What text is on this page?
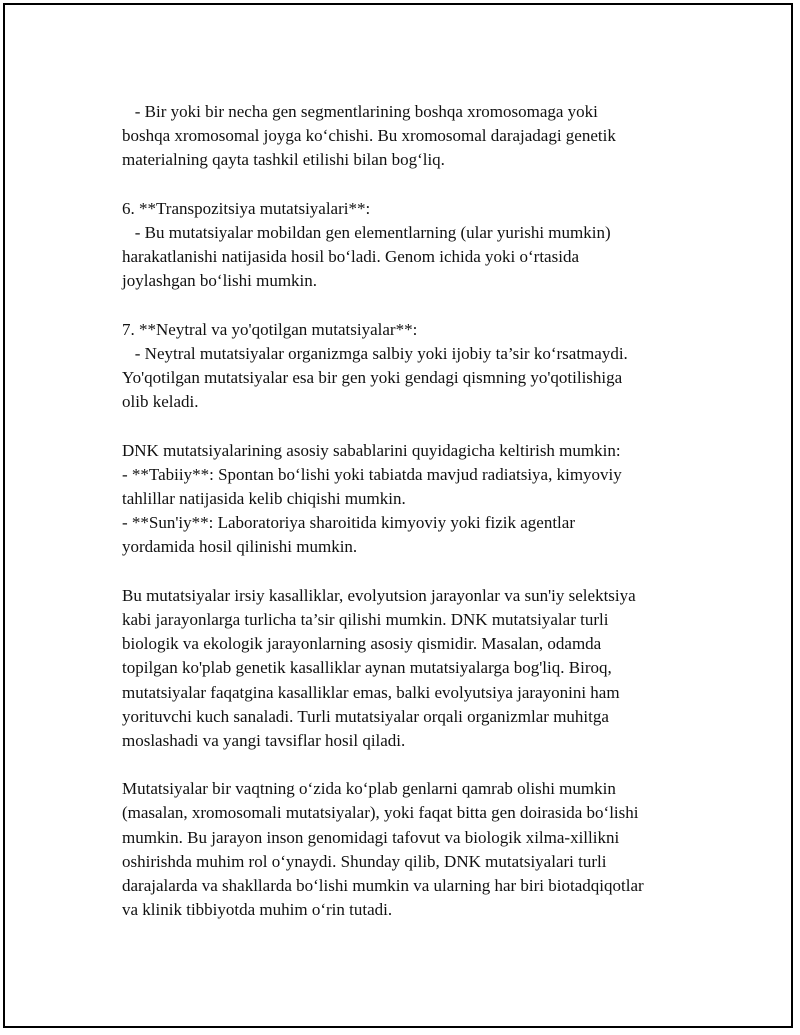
- Bir yoki bir necha gen segmentlarining boshqa xromosomaga yoki
boshqa xromosomal joyga ko‘chishi. Bu xromosomal darajadagi genetik
materialning qayta tashkil etilishi bilan bog‘liq.
6. **Transpozitsiya mutatsiyalari**:
- Bu mutatsiyalar mobildan gen elementlarning (ular yurishi mumkin)
harakatlanishi natijasida hosil bo‘ladi. Genom ichida yoki o‘rtasida
joylashgan bo‘lishi mumkin.
7. **Neytral va yo'qotilgan mutatsiyalar**:
- Neytral mutatsiyalar organizmga salbiy yoki ijobiy ta’sir ko‘rsatmaydi.
Yo'qotilgan mutatsiyalar esa bir gen yoki gendagi qismning yo'qotilishiga
olib keladi.
DNK mutatsiyalarining asosiy sabablarini quyidagicha keltirish mumkin:
- **Tabiiy**: Spontan bo‘lishi yoki tabiatda mavjud radiatsiya, kimyoviy
tahlillar natijasida kelib chiqishi mumkin.
- **Sun'iy**: Laboratoriya sharoitida kimyoviy yoki fizik agentlar
yordamida hosil qilinishi mumkin.
Bu mutatsiyalar irsiy kasalliklar, evolyutsion jarayonlar va sun'iy selektsiya
kabi jarayonlarga turlicha ta’sir qilishi mumkin. DNK mutatsiyalar turli
biologik va ekologik jarayonlarning asosiy qismidir. Masalan, odamda
topilgan ko'plab genetik kasalliklar aynan mutatsiyalarga bog'liq. Biroq,
mutatsiyalar faqatgina kasalliklar emas, balki evolyutsiya jarayonini ham
yorituvchi kuch sanaladi. Turli mutatsiyalar orqali organizmlar muhitga
moslashadi va yangi tavsiflar hosil qiladi.
Mutatsiyalar bir vaqtning o‘zida ko‘plab genlarni qamrab olishi mumkin
(masalan, xromosomali mutatsiyalar), yoki faqat bitta gen doirasida bo‘lishi
mumkin. Bu jarayon inson genomidagi tafovut va biologik xilma-xillikni
oshirishda muhim rol o‘ynaydi. Shunday qilib, DNK mutatsiyalari turli
darajalarda va shakllarda bo‘lishi mumkin va ularning har biri biotadqiqotlar
va klinik tibbiyotda muhim o‘rin tutadi.
